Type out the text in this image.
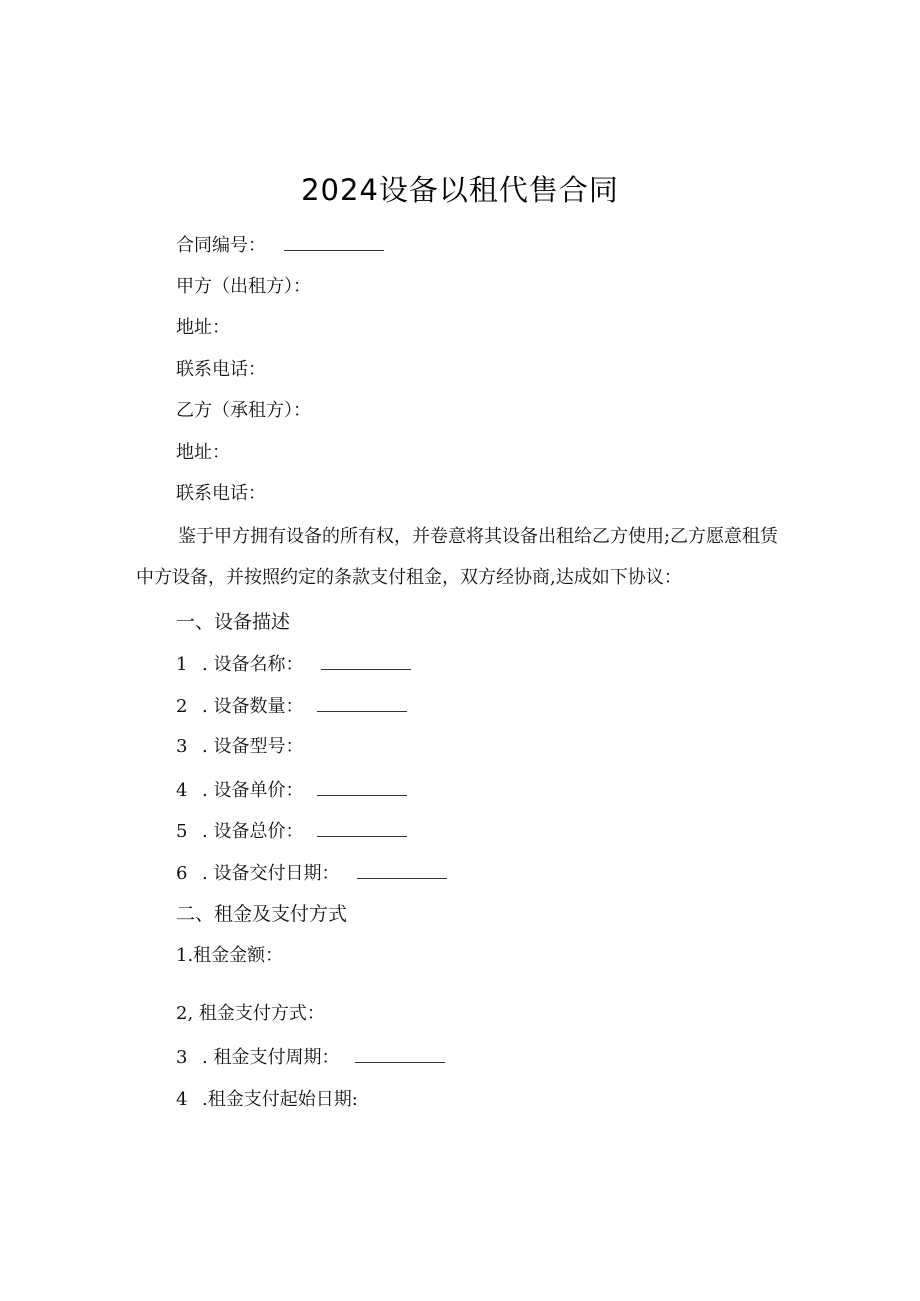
2024设备以租代售合同
合同编号：
甲方（出租方）：
地址：
联系电话：
乙方（承租方）：
地址：
联系电话：
鉴于甲方拥有设备的所有权，并卷意将其设备出租给乙方使用;乙方愿意租赁中方设备，并按照约定的条款支付租金，双方经协商,达成如下协议：
一、设备描述
1 . 设备名称：
2 . 设备数量：
3 . 设备型号：
4 . 设备单价：
5 . 设备总价：
6 . 设备交付日期：
二、租金及支付方式
1.租金金额：
2, 租金支付方式：
3 . 租金支付周期：
4 .租金支付起始日期:
